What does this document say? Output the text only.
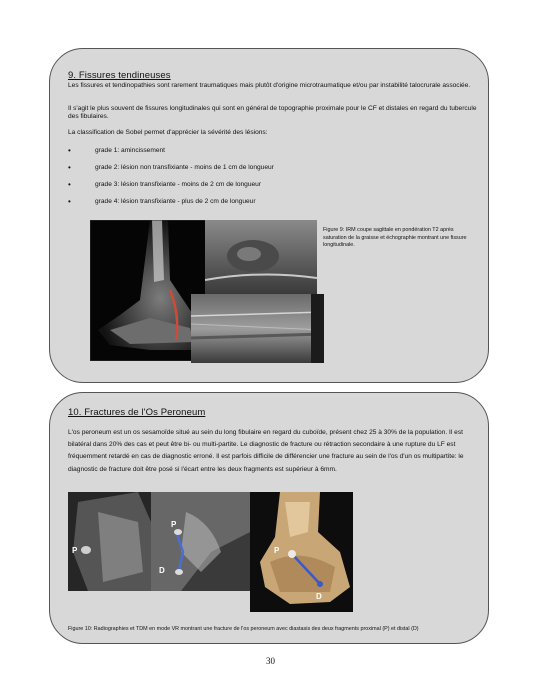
9. Fissures tendineuses
Les fissures et tendinopathies sont rarement traumatiques mais plutôt d'origine microtraumatique et/ou par instabilité talocrurale associée.
Il s'agit le plus souvent de fissures longitudinales qui sont en général de topographie proximale pour le CF et distales en regard du tubercule des fibulaires.
La classification de Sobel permet d'apprécier la sévérité des lésions:
• grade 1: amincissement
• grade 2: lésion non transfixiante - moins de 1 cm de longueur
• grade 3: lésion transfixiante - moins de 2 cm de longueur
• grade 4: lésion transfixiante - plus de 2 cm de longueur
Figure 9: IRM coupe sagittale en pondération T2 après saturation de la graisse et échographie montrant une fissure longitudinale.
10. Fractures de l'Os Peroneum
L'os peroneum est un os sesamoïde situé au sein du long fibulaire en regard du cuboïde, présent chez 25 à 30% de la population. Il est bilatéral dans 20% des cas et peut être bi- ou multi-partite. Le diagnostic de fracture ou rétraction secondaire à une rupture du LF est fréquemment retardé en cas de diagnostic erroné. Il est parfois difficile de différencier une fracture au sein de l'os d'un os multipartite: le diagnostic de fracture doit être posé si l'écart entre les deux fragments est supérieur à 6mm.
P
P
D
P
D
Figure 10: Radiographies et TDM en mode VR montrant une fracture de l'os peroneum avec diastasis des deux fragments proximal (P) et distal (D)
30
